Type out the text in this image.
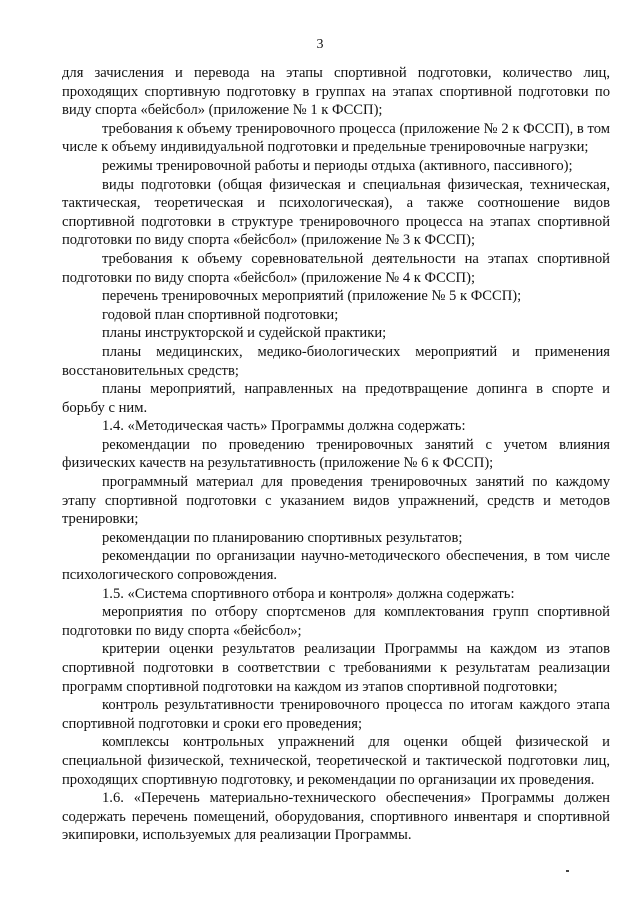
3

для зачисления и перевода на этапы спортивной подготовки, количество лиц, проходящих спортивную подготовку в группах на этапах спортивной подготовки по виду спорта «бейсбол» (приложение № 1 к ФССП);

требования к объему тренировочного процесса (приложение № 2 к ФССП), в том числе к объему индивидуальной подготовки и предельные тренировочные нагрузки;

режимы тренировочной работы и периоды отдыха (активного, пассивного);

виды подготовки (общая физическая и специальная физическая, техническая, тактическая, теоретическая и психологическая), а также соотношение видов спортивной подготовки в структуре тренировочного процесса на этапах спортивной подготовки по виду спорта «бейсбол» (приложение № 3 к ФССП);

требования к объему соревновательной деятельности на этапах спортивной подготовки по виду спорта «бейсбол» (приложение № 4 к ФССП);

перечень тренировочных мероприятий (приложение № 5 к ФССП);

годовой план спортивной подготовки;

планы инструкторской и судейской практики;

планы медицинских, медико-биологических мероприятий и применения восстановительных средств;

планы мероприятий, направленных на предотвращение допинга в спорте и борьбу с ним.

1.4. «Методическая часть» Программы должна содержать:

рекомендации по проведению тренировочных занятий с учетом влияния физических качеств на результативность (приложение № 6 к ФССП);

программный материал для проведения тренировочных занятий по каждому этапу спортивной подготовки с указанием видов упражнений, средств и методов тренировки;

рекомендации по планированию спортивных результатов;

рекомендации по организации научно-методического обеспечения, в том числе психологического сопровождения.

1.5. «Система спортивного отбора и контроля» должна содержать:

мероприятия по отбору спортсменов для комплектования групп спортивной подготовки по виду спорта «бейсбол»;

критерии оценки результатов реализации Программы на каждом из этапов спортивной подготовки в соответствии с требованиями к результатам реализации программ спортивной подготовки на каждом из этапов спортивной подготовки;

контроль результативности тренировочного процесса по итогам каждого этапа спортивной подготовки и сроки его проведения;

комплексы контрольных упражнений для оценки общей физической и специальной физической, технической, теоретической и тактической подготовки лиц, проходящих спортивную подготовку, и рекомендации по организации их проведения.

1.6. «Перечень материально-технического обеспечения» Программы должен содержать перечень помещений, оборудования, спортивного инвентаря и спортивной экипировки, используемых для реализации Программы.
